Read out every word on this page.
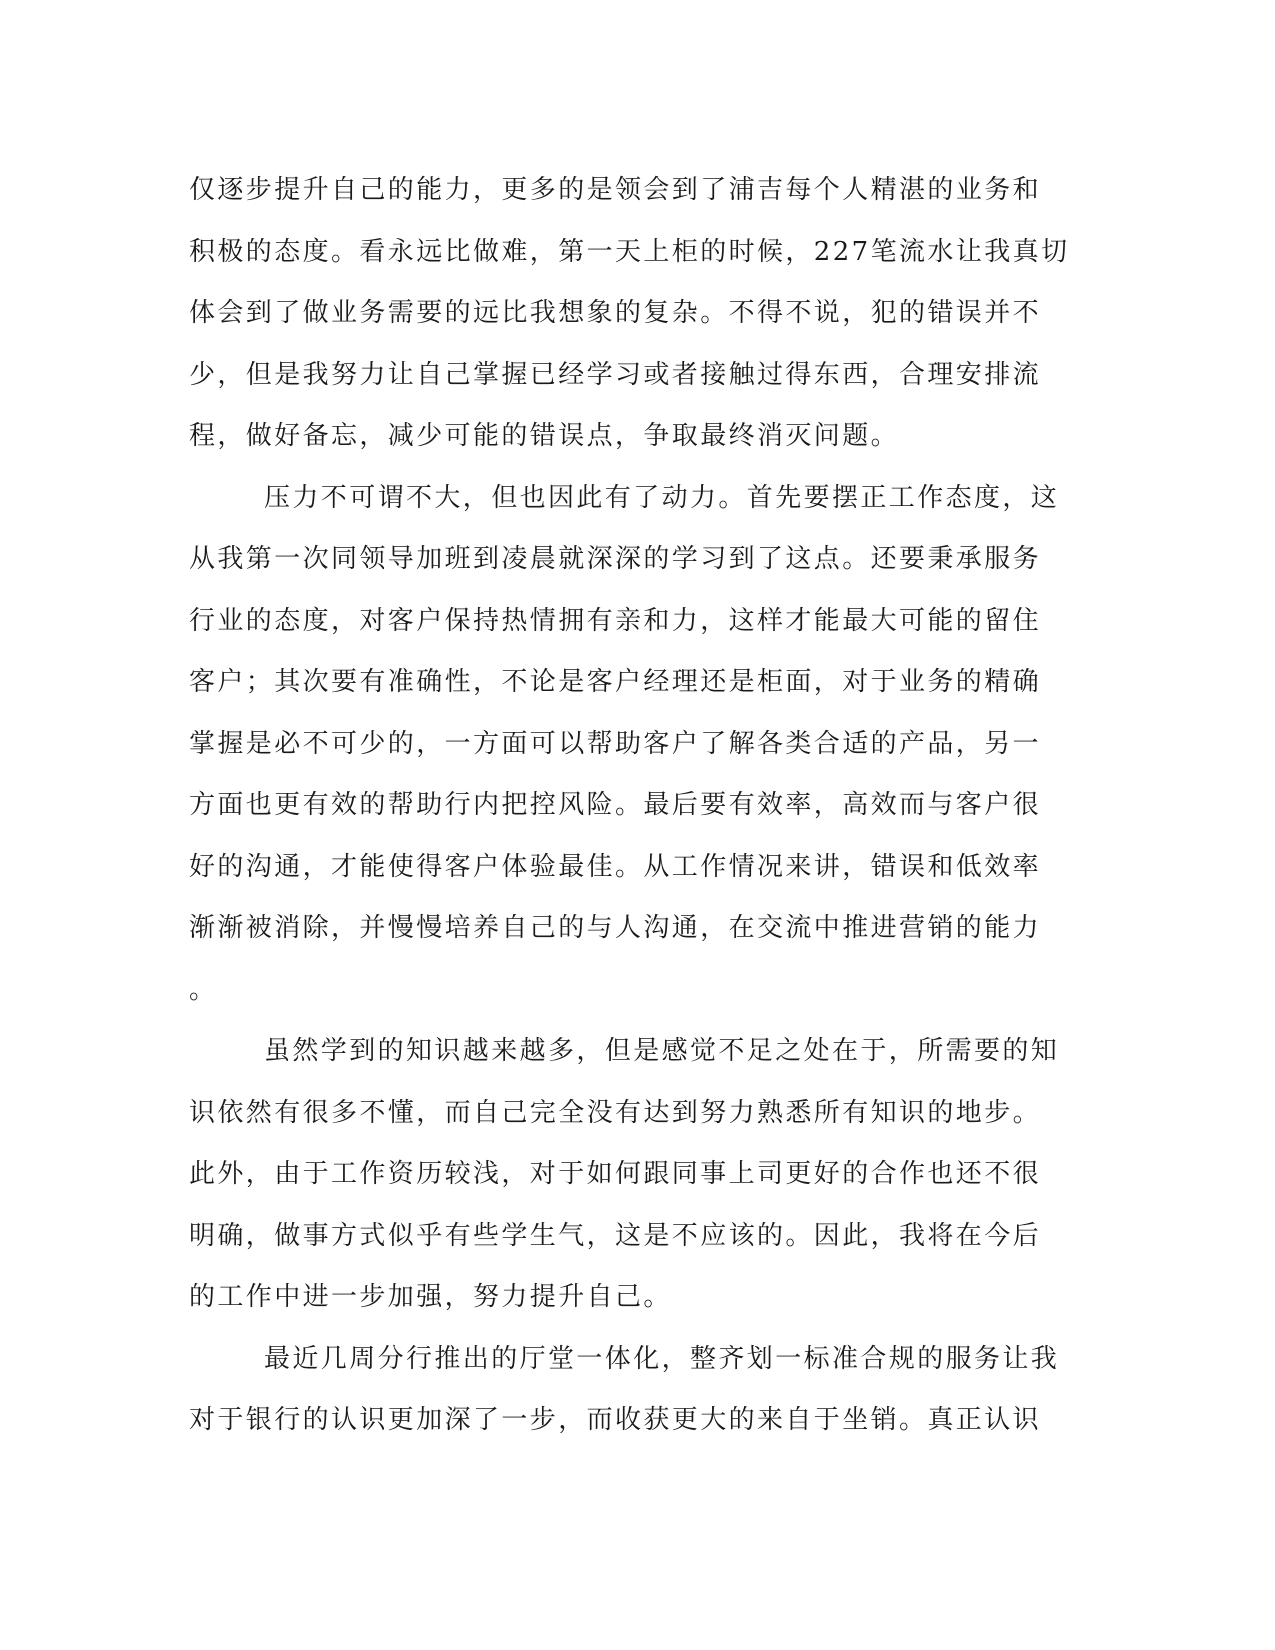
仅逐步提升自己的能力，更多的是领会到了浦吉每个人精湛的业务和
积极的态度。看永远比做难，第一天上柜的时候，227笔流水让我真切
体会到了做业务需要的远比我想象的复杂。不得不说，犯的错误并不
少，但是我努力让自己掌握已经学习或者接触过得东西，合理安排流
程，做好备忘，减少可能的错误点，争取最终消灭问题。
压力不可谓不大，但也因此有了动力。首先要摆正工作态度，这
从我第一次同领导加班到凌晨就深深的学习到了这点。还要秉承服务
行业的态度，对客户保持热情拥有亲和力，这样才能最大可能的留住
客户；其次要有准确性，不论是客户经理还是柜面，对于业务的精确
掌握是必不可少的，一方面可以帮助客户了解各类合适的产品，另一
方面也更有效的帮助行内把控风险。最后要有效率，高效而与客户很
好的沟通，才能使得客户体验最佳。从工作情况来讲，错误和低效率
渐渐被消除，并慢慢培养自己的与人沟通，在交流中推进营销的能力
。
虽然学到的知识越来越多，但是感觉不足之处在于，所需要的知
识依然有很多不懂，而自己完全没有达到努力熟悉所有知识的地步。
此外，由于工作资历较浅，对于如何跟同事上司更好的合作也还不很
明确，做事方式似乎有些学生气，这是不应该的。因此，我将在今后
的工作中进一步加强，努力提升自己。
最近几周分行推出的厅堂一体化，整齐划一标准合规的服务让我
对于银行的认识更加深了一步，而收获更大的来自于坐销。真正认识
